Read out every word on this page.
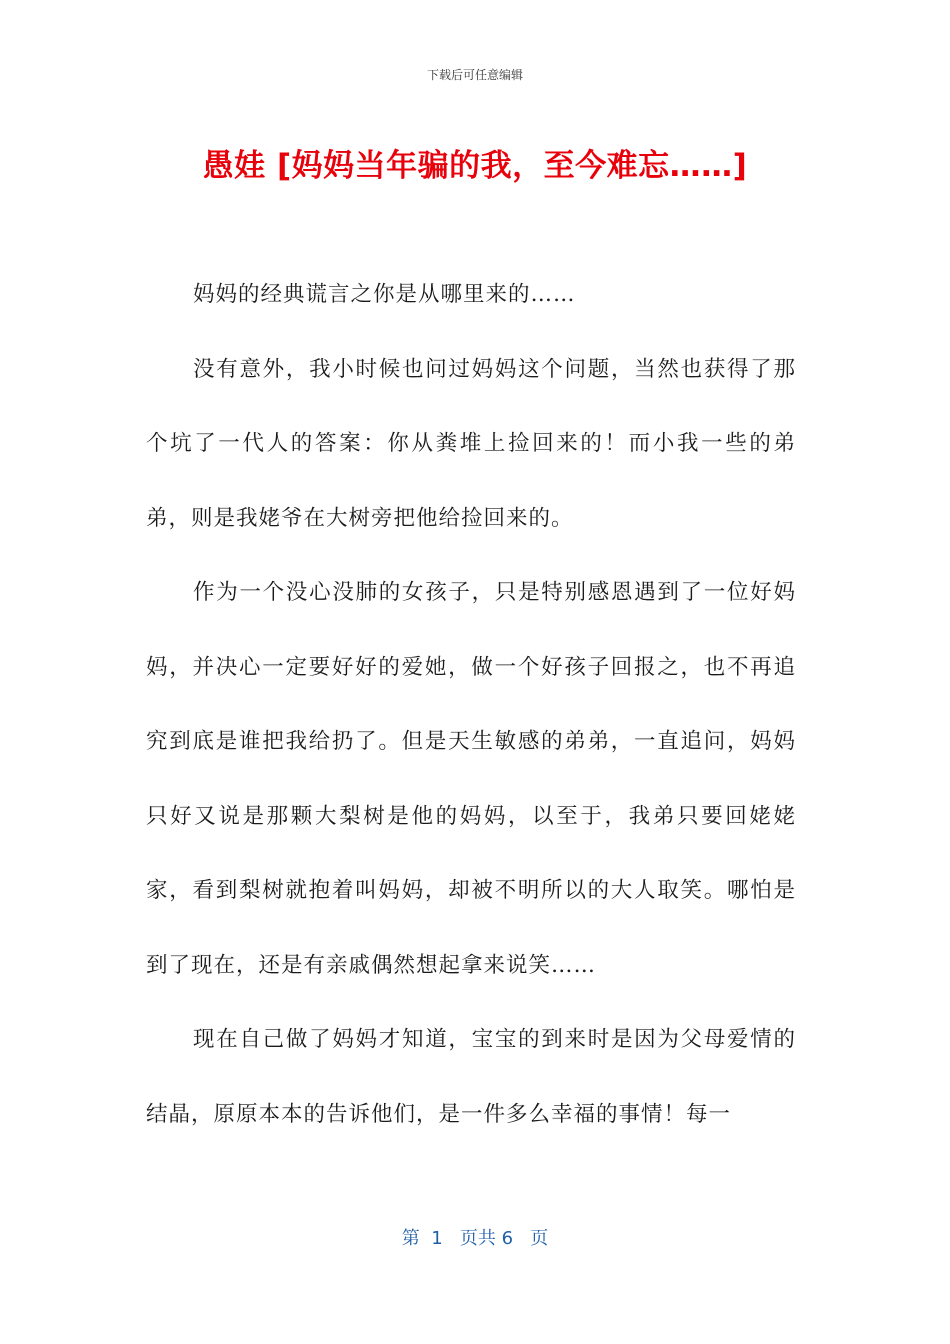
下载后可任意编辑
愚娃 [妈妈当年骗的我，至今难忘……]

妈妈的经典谎言之你是从哪里来的……

没有意外，我小时候也问过妈妈这个问题，当然也获得了那个坑了一代人的答案：你从粪堆上捡回来的！而小我一些的弟弟，则是我姥爷在大树旁把他给捡回来的。

作为一个没心没肺的女孩子，只是特别感恩遇到了一位好妈妈，并决心一定要好好的爱她，做一个好孩子回报之，也不再追究到底是谁把我给扔了。但是天生敏感的弟弟，一直追问，妈妈只好又说是那颗大梨树是他的妈妈，以至于，我弟只要回姥姥家，看到梨树就抱着叫妈妈，却被不明所以的大人取笑。哪怕是到了现在，还是有亲戚偶然想起拿来说笑……

现在自己做了妈妈才知道，宝宝的到来时是因为父母爱情的结晶，原原本本的告诉他们，是一件多么幸福的事情！每一

第  1   页共 6   页
